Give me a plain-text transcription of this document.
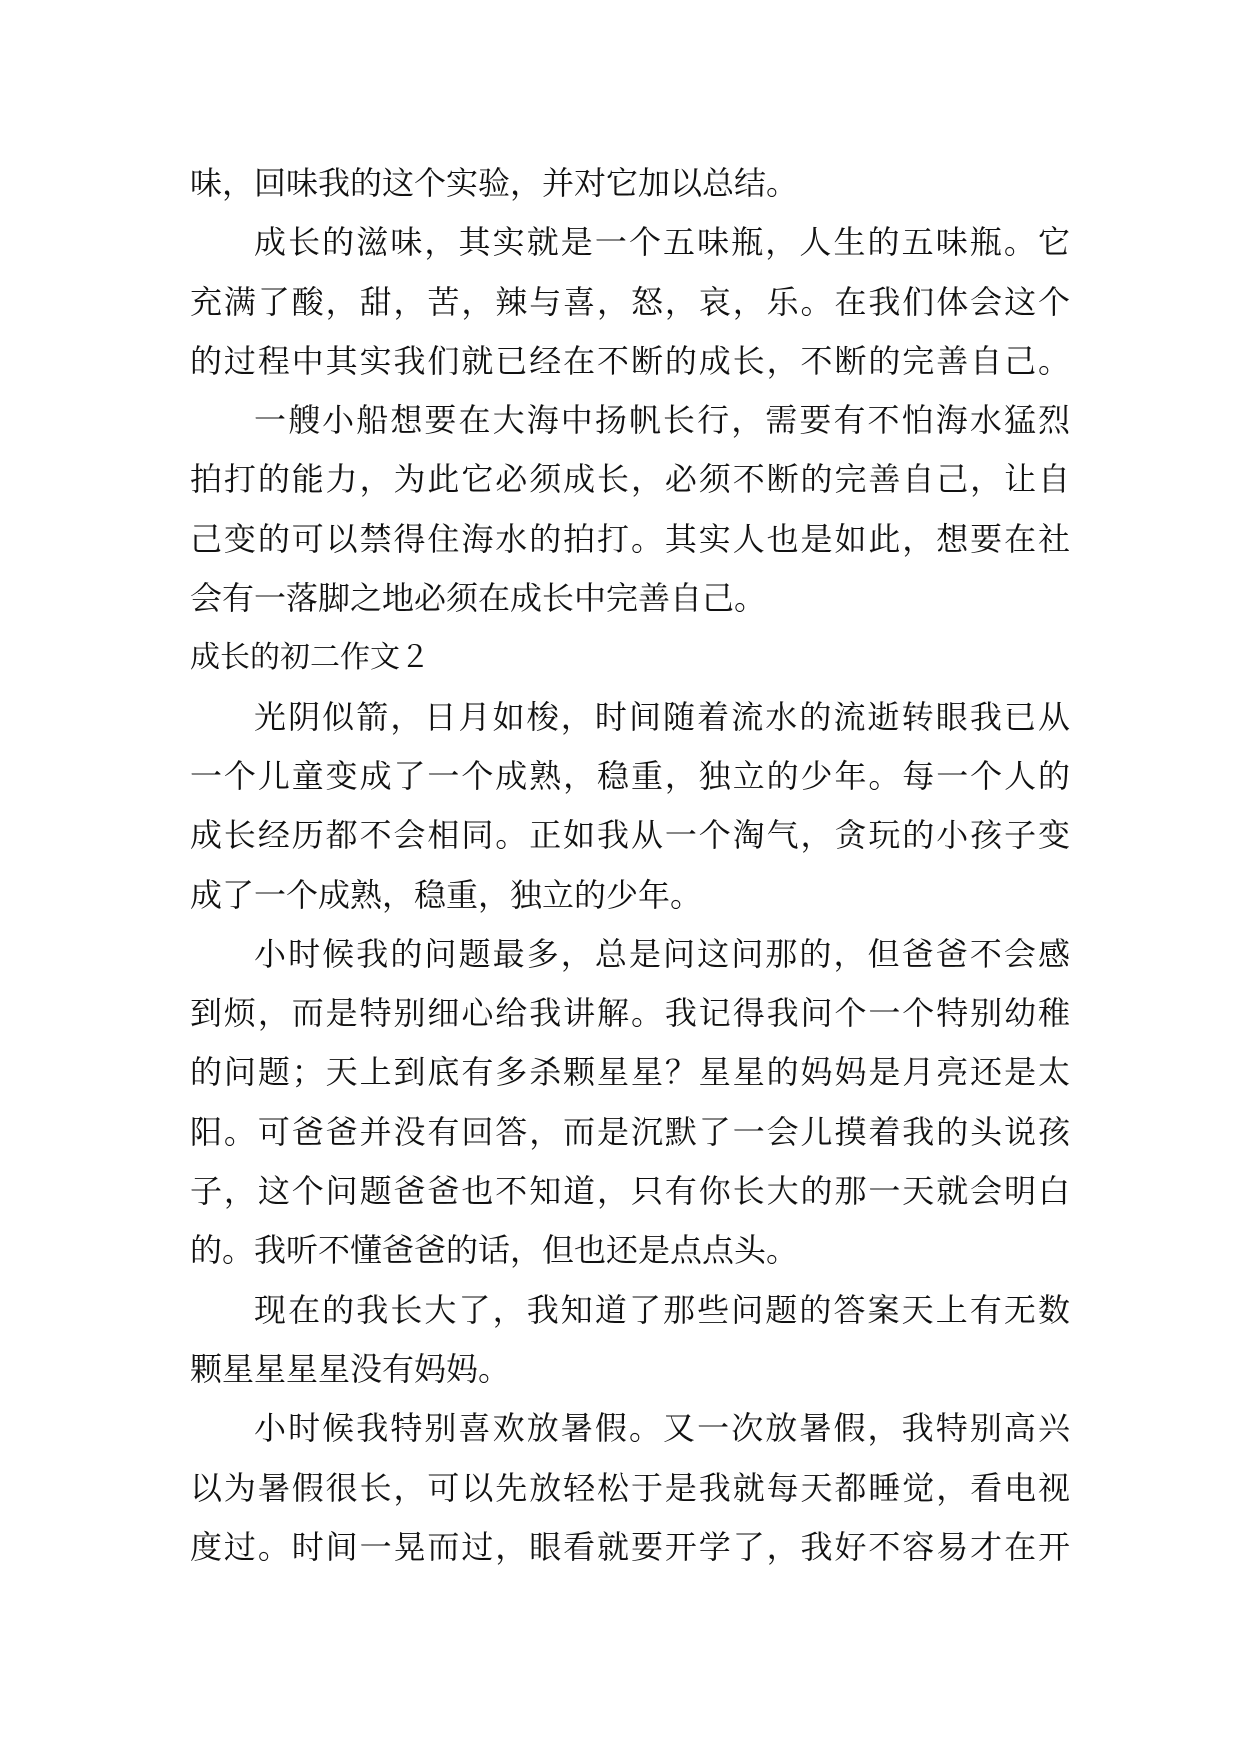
味，回味我的这个实验，并对它加以总结。
成长的滋味，其实就是一个五味瓶，人生的五味瓶。它
充满了酸，甜，苦，辣与喜，怒，哀，乐。在我们体会这个
的过程中其实我们就已经在不断的成长，不断的完善自己。
一艘小船想要在大海中扬帆长行，需要有不怕海水猛烈
拍打的能力，为此它必须成长，必须不断的完善自己，让自
己变的可以禁得住海水的拍打。其实人也是如此，想要在社
会有一落脚之地必须在成长中完善自己。
成长的初二作文２
光阴似箭，日月如梭，时间随着流水的流逝转眼我已从
一个儿童变成了一个成熟，稳重，独立的少年。每一个人的
成长经历都不会相同。正如我从一个淘气，贪玩的小孩子变
成了一个成熟，稳重，独立的少年。
小时候我的问题最多，总是问这问那的，但爸爸不会感
到烦，而是特别细心给我讲解。我记得我问个一个特别幼稚
的问题；天上到底有多杀颗星星？星星的妈妈是月亮还是太
阳。可爸爸并没有回答，而是沉默了一会儿摸着我的头说孩
子，这个问题爸爸也不知道，只有你长大的那一天就会明白
的。我听不懂爸爸的话，但也还是点点头。
现在的我长大了，我知道了那些问题的答案天上有无数
颗星星星星没有妈妈。
小时候我特别喜欢放暑假。又一次放暑假，我特别高兴
以为暑假很长，可以先放轻松于是我就每天都睡觉，看电视
度过。时间一晃而过，眼看就要开学了，我好不容易才在开
